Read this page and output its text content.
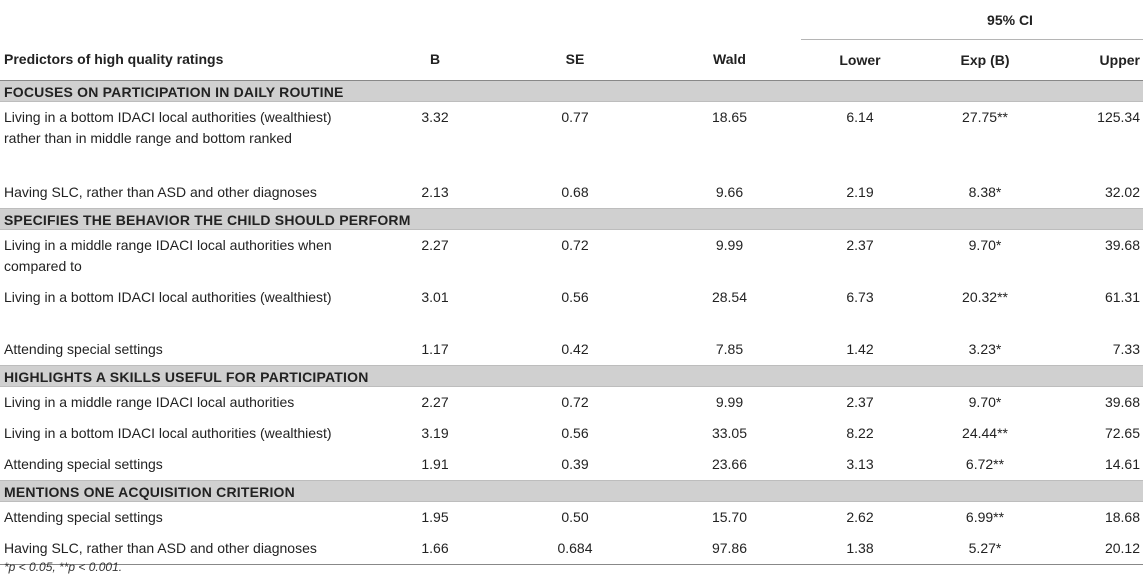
				95% CI		
Predictors of high quality ratings	B	SE	Wald	Lower	Exp (B)	Upper
FOCUSES ON PARTICIPATION IN DAILY ROUTINE						
Living in a bottom IDACI local authorities (wealthiest) rather than in middle range and bottom ranked	3.32	0.77	18.65	6.14	27.75**	125.34
Having SLC, rather than ASD and other diagnoses	2.13	0.68	9.66	2.19	8.38*	32.02
SPECIFIES THE BEHAVIOR THE CHILD SHOULD PERFORM						
Living in a middle range IDACI local authorities when compared to	2.27	0.72	9.99	2.37	9.70*	39.68
Living in a bottom IDACI local authorities (wealthiest)	3.01	0.56	28.54	6.73	20.32**	61.31
Attending special settings	1.17	0.42	7.85	1.42	3.23*	7.33
HIGHLIGHTS A SKILLS USEFUL FOR PARTICIPATION						
Living in a middle range IDACI local authorities	2.27	0.72	9.99	2.37	9.70*	39.68
Living in a bottom IDACI local authorities (wealthiest)	3.19	0.56	33.05	8.22	24.44**	72.65
Attending special settings	1.91	0.39	23.66	3.13	6.72**	14.61
MENTIONS ONE ACQUISITION CRITERION						
Attending special settings	1.95	0.50	15.70	2.62	6.99**	18.68
Having SLC, rather than ASD and other diagnoses	1.66	0.684	97.86	1.38	5.27*	20.12
*p < 0.05, **p < 0.001.
